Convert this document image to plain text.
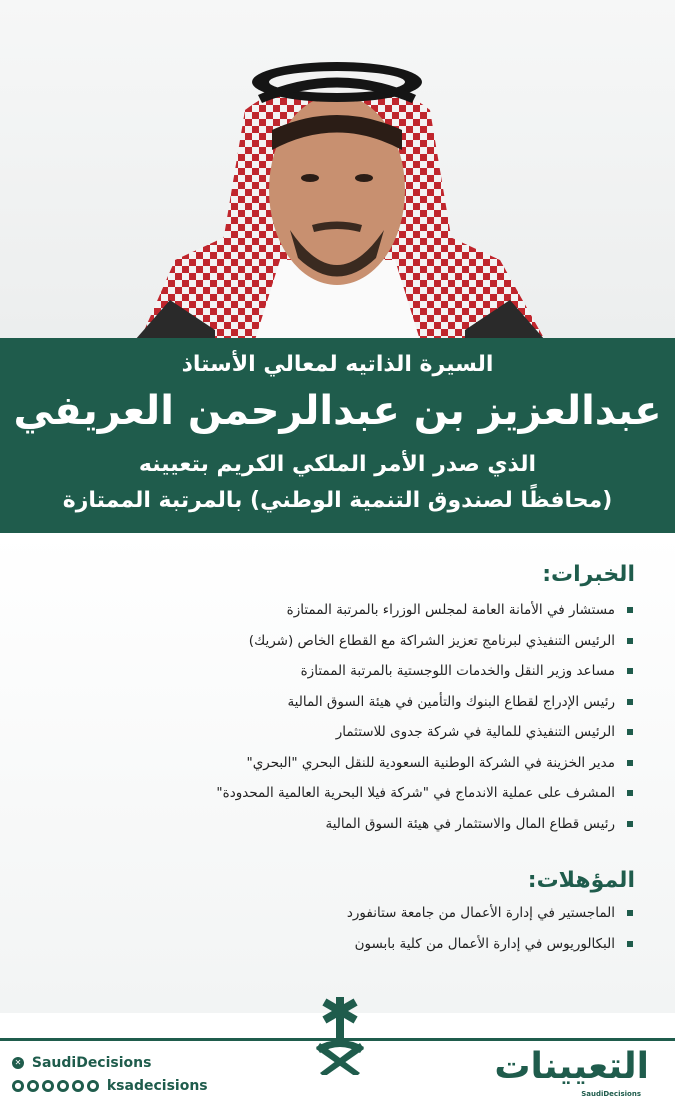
السيرة الذاتيه لمعالي الأستاذ
عبدالعزيز بن عبدالرحمن العريفي
الذي صدر الأمر الملكي الكريم بتعيينه
(محافظًا لصندوق التنمية الوطني) بالمرتبة الممتازة
الخبرات:
مستشار في الأمانة العامة لمجلس الوزراء بالمرتبة الممتازة
الرئيس التنفيذي لبرنامج تعزيز الشراكة مع القطاع الخاص (شريك)
مساعد وزير النقل والخدمات اللوجستية بالمرتبة الممتازة
رئيس الإدراج لقطاع البنوك والتأمين في هيئة السوق المالية
الرئيس التنفيذي للمالية في شركة جدوى للاستثمار
مدير الخزينة في الشركة الوطنية السعودية للنقل البحري "البحري"
المشرف على عملية الاندماج في "شركة فيلا البحرية العالمية المحدودة"
رئيس قطاع المال والاستثمار في هيئة السوق المالية
المؤهلات:
الماجستير في إدارة الأعمال من جامعة ستانفورد
البكالوريوس في إدارة الأعمال من كلية بابسون
✕ SaudiDecisions
● ● ● ● ● ● ksadecisions	التعيينات
SaudiDecisions
